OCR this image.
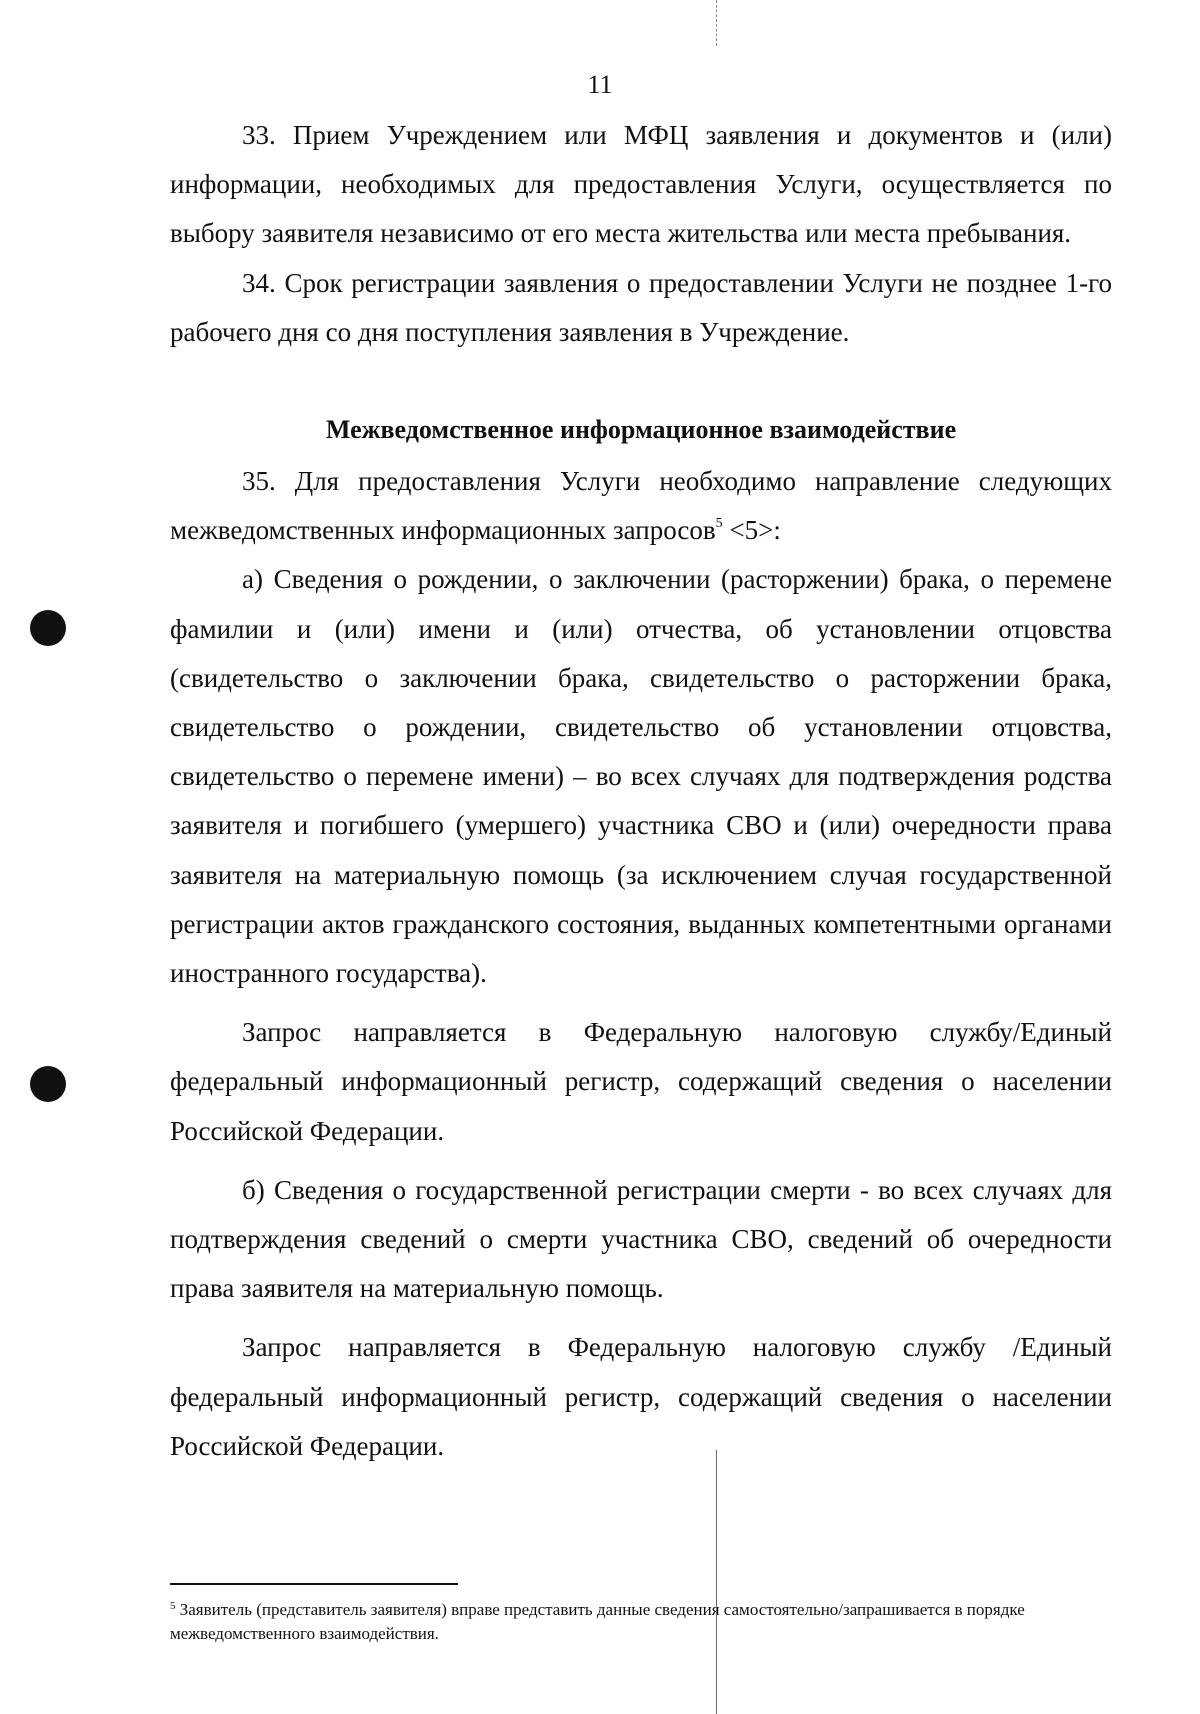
11

33. Прием Учреждением или МФЦ заявления и документов и (или) информации, необходимых для предоставления Услуги, осуществляется по выбору заявителя независимо от его места жительства или места пребывания.

34. Срок регистрации заявления о предоставлении Услуги не позднее 1-го рабочего дня со дня поступления заявления в Учреждение.

Межведомственное информационное взаимодействие

35. Для предоставления Услуги необходимо направление следующих межведомственных информационных запросов$^5$ <5>:

а) Сведения о рождении, о заключении (расторжении) брака, о перемене фамилии и (или) имени и (или) отчества, об установлении отцовства (свидетельство о заключении брака, свидетельство о расторжении брака, свидетельство о рождении, свидетельство об установлении отцовства, свидетельство о перемене имени) – во всех случаях для подтверждения родства заявителя и погибшего (умершего) участника СВО и (или) очередности права заявителя на материальную помощь (за исключением случая государственной регистрации актов гражданского состояния, выданных компетентными органами иностранного государства).

Запрос направляется в Федеральную налоговую службу/Единый федеральный информационный регистр, содержащий сведения о населении Российской Федерации.

б) Сведения о государственной регистрации смерти - во всех случаях для подтверждения сведений о смерти участника СВО, сведений об очередности права заявителя на материальную помощь.

Запрос направляется в Федеральную налоговую службу /Единый федеральный информационный регистр, содержащий сведения о населении Российской Федерации.

$^5$ Заявитель (представитель заявителя) вправе представить данные сведения самостоятельно/запрашивается в порядке межведомственного взаимодействия.
